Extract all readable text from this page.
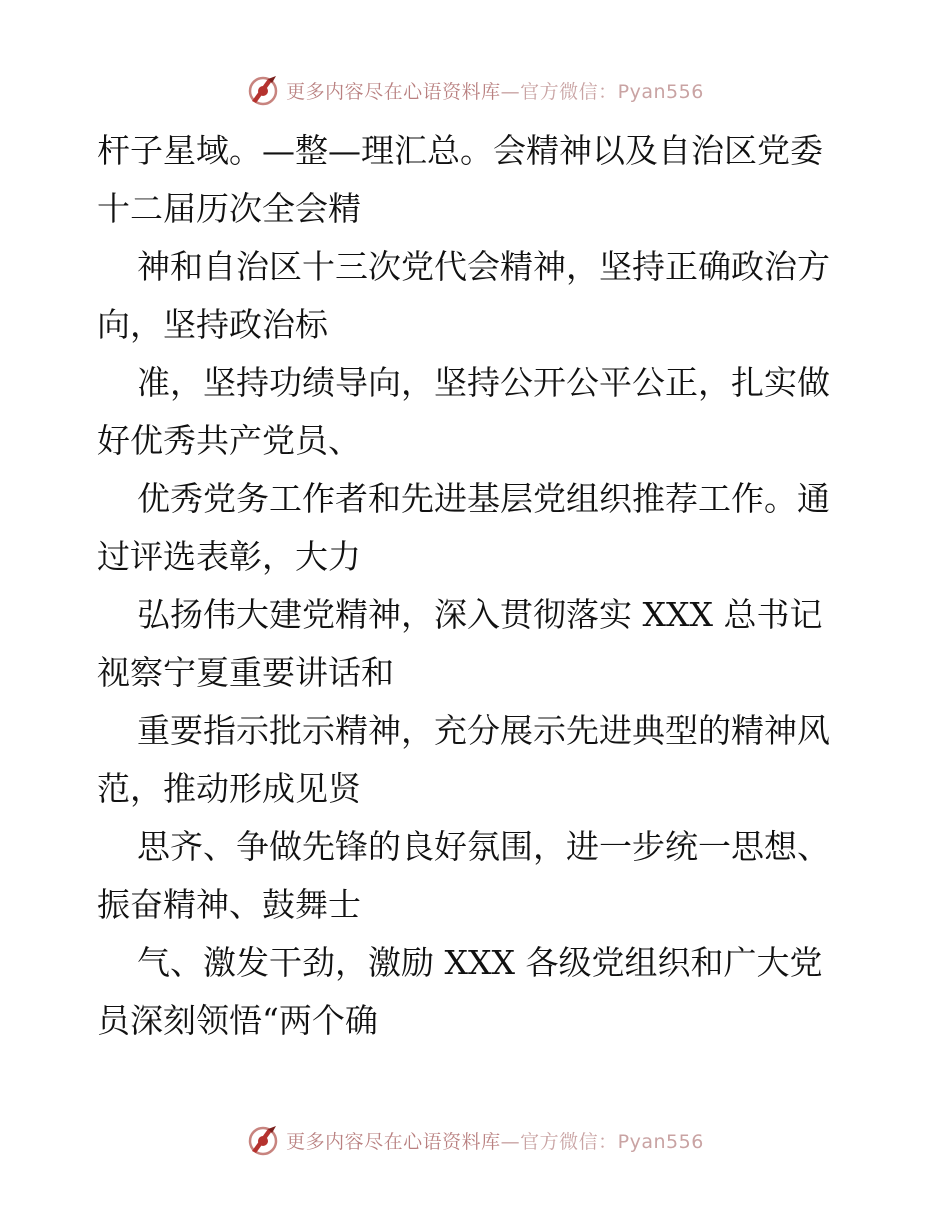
更多内容尽在心语资料库—官方微信：Pyan556
杆子星域。—整—理汇总。会精神以及自治区党委
十二届历次全会精
神和自治区十三次党代会精神，坚持正确政治方
向，坚持政治标
准，坚持功绩导向，坚持公开公平公正，扎实做
好优秀共产党员、
优秀党务工作者和先进基层党组织推荐工作。通
过评选表彰，大力
弘扬伟大建党精神，深入贯彻落实 XXX 总书记
视察宁夏重要讲话和
重要指示批示精神，充分展示先进典型的精神风
范，推动形成见贤
思齐、争做先锋的良好氛围，进一步统一思想、
振奋精神、鼓舞士
气、激发干劲，激励 XXX 各级党组织和广大党
员深刻领悟“两个确
更多内容尽在心语资料库—官方微信：Pyan556
